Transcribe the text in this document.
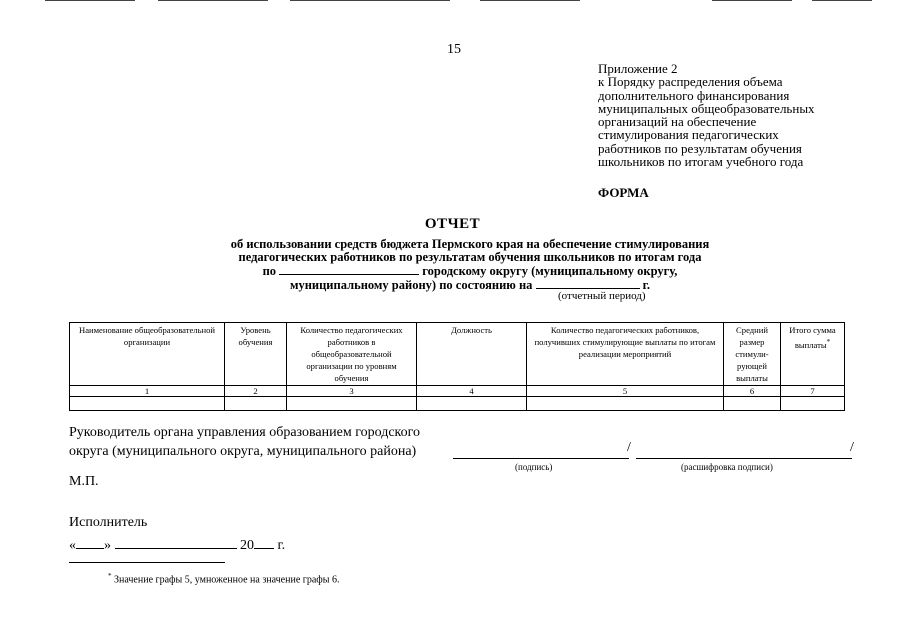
15
Приложение 2
к Порядку распределения объема
дополнительного финансирования
муниципальных общеобразовательных
организаций на обеспечение
стимулирования педагогических
работников по результатам обучения
школьников по итогам учебного года
ФОРМА
ОТЧЕТ
об использовании средств бюджета Пермского края на обеспечение стимулирования
педагогических работников по результатам обучения школьников по итогам года
по	городскому округу (муниципальному округу,
муниципальному району) по состоянию на	г.
(отчетный период)
Наименование общеобразовательной организации	Уровень обучения	Количество педагогических работников в общеобразовательной организации по уровням обучения	Должность	Количество педагогических работников, получивших стимулирующие выплаты по итогам реализации мероприятий	Средний размер стимули-рующей выплаты	Итого сумма выплаты*
1	2	3	4	5	6	7

Руководитель органа управления образованием городского
округа (муниципального округа, муниципального района)	/	/
(подпись)	(расшифровка подписи)
М.П.
Исполнитель
« »	20 г.
* Значение графы 5, умноженное на значение графы 6.
